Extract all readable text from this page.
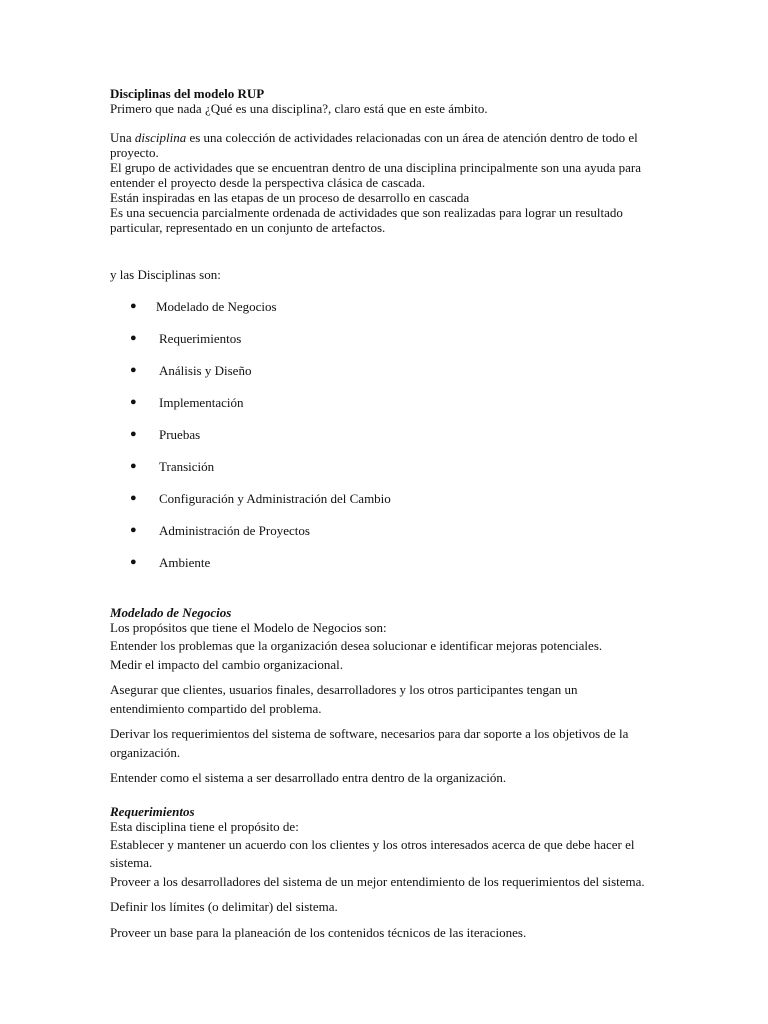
Disciplinas del modelo RUP

Primero que nada ¿Qué es una disciplina?, claro está que en este ámbito.

Una disciplina es una colección de actividades relacionadas con un área de atención dentro de todo el proyecto.

El grupo de actividades que se encuentran dentro de una disciplina principalmente son una ayuda para entender el proyecto desde la perspectiva clásica de cascada.

Están inspiradas en las etapas de un proceso de desarrollo en cascada

Es una secuencia parcialmente ordenada de actividades que son realizadas para lograr un resultado particular, representado en un conjunto de artefactos.

y las Disciplinas son:

● Modelado de Negocios
● Requerimientos
● Análisis y Diseño
● Implementación
● Pruebas
● Transición
● Configuración y Administración del Cambio
● Administración de Proyectos
● Ambiente

Modelado de Negocios

Los propósitos que tiene el Modelo de Negocios son:

Entender los problemas que la organización desea solucionar e identificar mejoras potenciales.

Medir el impacto del cambio organizacional.

Asegurar que clientes, usuarios finales, desarrolladores y los otros participantes tengan un entendimiento compartido del problema.

Derivar los requerimientos del sistema de software, necesarios para dar soporte a los objetivos de la organización.

Entender como el sistema a ser desarrollado entra dentro de la organización.

Requerimientos

Esta disciplina tiene el propósito de:

Establecer y mantener un acuerdo con los clientes y los otros interesados acerca de que debe hacer el sistema.

Proveer a los desarrolladores del sistema de un mejor entendimiento de los requerimientos del sistema.

Definir los límites (o delimitar) del sistema.

Proveer un base para la planeación de los contenidos técnicos de las iteraciones.
